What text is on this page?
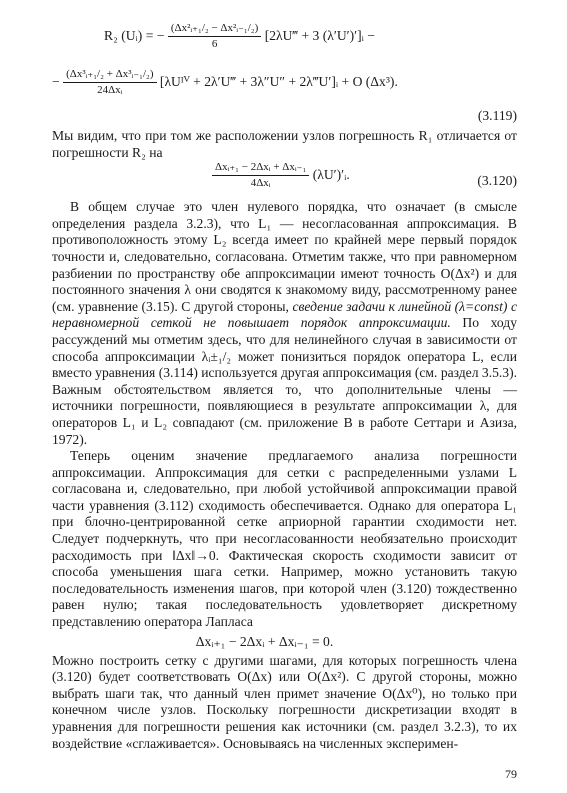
R₂ (Uᵢ) = − $\frac{\text{(Δx²ᵢ₊₁/₂ − Δx²ᵢ₋₁/₂)}}{6}$ [2λU‴ + 3 (λ′U′)′]ᵢ −
− $\frac{\text{(Δx³ᵢ₊₁/₂ + Δx³ᵢ₋₁/₂)}}{\text{24Δxᵢ}}$ [λUᴵⱽ + 2λ′U‴ + 3λ″U″ + 2λ‴U′]ᵢ + O (Δx³).
(3.119)

Мы видим, что при том же расположении узлов погрешность R₁ отличается от погрешности R₂ на

$\frac{\text{Δxᵢ₊₁ − 2Δxᵢ + Δxᵢ₋₁}}{\text{4Δxᵢ}}$ (λU′)′ᵢ.	(3.120)

В общем случае это член нулевого порядка, что означает (в смысле определения раздела 3.2.3), что L₁ — несогласованная аппроксимация. В противоположность этому L₂ всегда имеет по крайней мере первый порядок точности и, следовательно, согласована. Отметим также, что при равномерном разбиении по пространству обе аппроксимации имеют точность O(Δx²) и для постоянного значения λ они сводятся к знакомому виду, рассмотренному ранее (см. уравнение (3.15). С другой стороны, сведение задачи к линейной (λ=const) с неравномерной сеткой не повышает порядок аппроксимации. По ходу рассуждений мы отметим здесь, что для нелинейного случая в зависимости от способа аппроксимации λᵢ±₁/₂ может понизиться порядок оператора L, если вместо уравнения (3.114) используется другая аппроксимация (см. раздел 3.5.3). Важным обстоятельством является то, что дополнительные члены — источники погрешности, появляющиеся в результате аппроксимации λ, для операторов L₁ и L₂ совпадают (см. приложение В в работе Сеттари и Азиза, 1972).

Теперь оценим значение предлагаемого анализа погрешности аппроксимации. Аппроксимация для сетки с распределенными узлами L согласована и, следовательно, при любой устойчивой аппроксимации правой части уравнения (3.112) сходимость обеспечивается. Однако для оператора L₁ при блочно-центрированной сетке априорной гарантии сходимости нет. Следует подчеркнуть, что при несогласованности необязательно происходит расходимость при ‖Δx‖→0. Фактическая скорость сходимости зависит от способа уменьшения шага сетки. Например, можно установить такую последовательность изменения шагов, при которой член (3.120) тождественно равен нулю; такая последовательность удовлетворяет дискретному представлению оператора Лапласа

Δxᵢ₊₁ − 2Δxᵢ + Δxᵢ₋₁ = 0.

Можно построить сетку с другими шагами, для которых погрешность члена (3.120) будет соответствовать O(Δx) или O(Δx²). С другой стороны, можно выбрать шаги так, что данный член примет значение O(Δx⁰), но только при конечном числе узлов. Поскольку погрешности дискретизации входят в уравнения для погрешности решения как источники (см. раздел 3.2.3), то их воздействие «сглаживается». Основываясь на численных эксперимен-

79
